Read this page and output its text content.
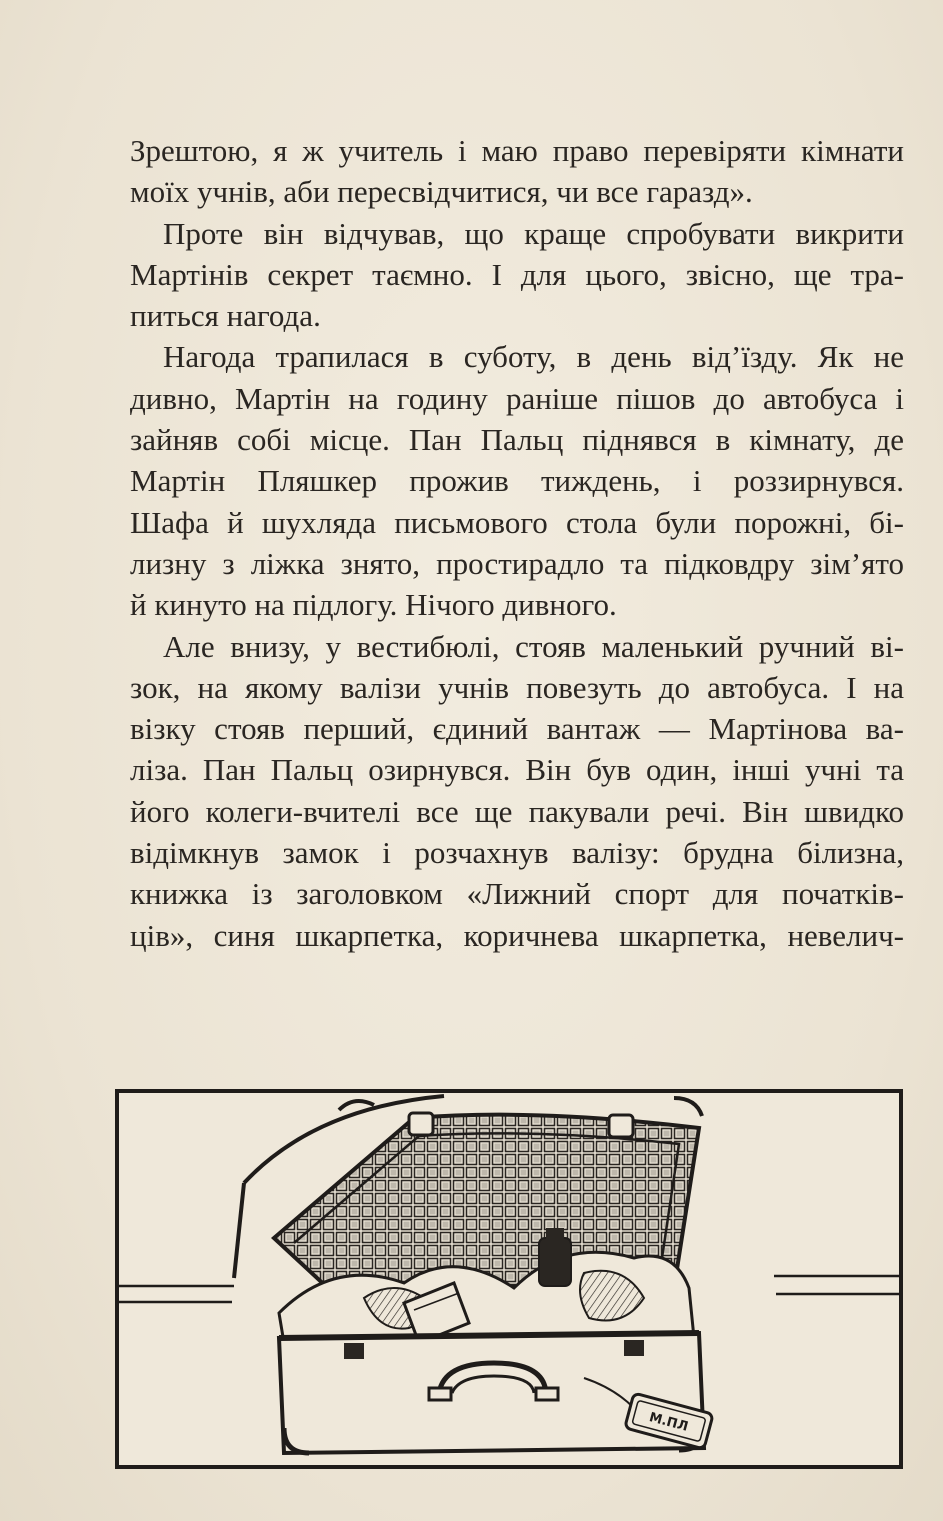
Зрештою, я ж учитель і маю право перевіряти кімнати
моїх учнів, аби пересвідчитися, чи все гаразд».
Проте він відчував, що краще спробувати викрити
Мартінів секрет таємно. І для цього, звісно, ще тра-
питься нагода.
Нагода трапилася в суботу, в день від’їзду. Як не
дивно, Мартін на годину раніше пішов до автобуса і
зайняв собі місце. Пан Пальц піднявся в кімнату, де
Мартін Пляшкер прожив тиждень, і роззирнувся.
Шафа й шухляда письмового стола були порожні, бі-
лизну з ліжка знято, простирадло та підковдру зім’ято
й кинуто на підлогу. Нічого дивного.
Але внизу, у вестибюлі, стояв маленький ручний ві-
зок, на якому валізи учнів повезуть до автобуса. І на
візку стояв перший, єдиний вантаж — Мартінова ва-
ліза. Пан Пальц озирнувся. Він був один, інші учні та
його колеги-вчителі все ще пакували речі. Він швидко
відімкнув замок і розчахнув валізу: брудна білизна,
книжка із заголовком «Лижний спорт для початків-
ців», синя шкарпетка, коричнева шкарпетка, невелич-
М.ПЛ
